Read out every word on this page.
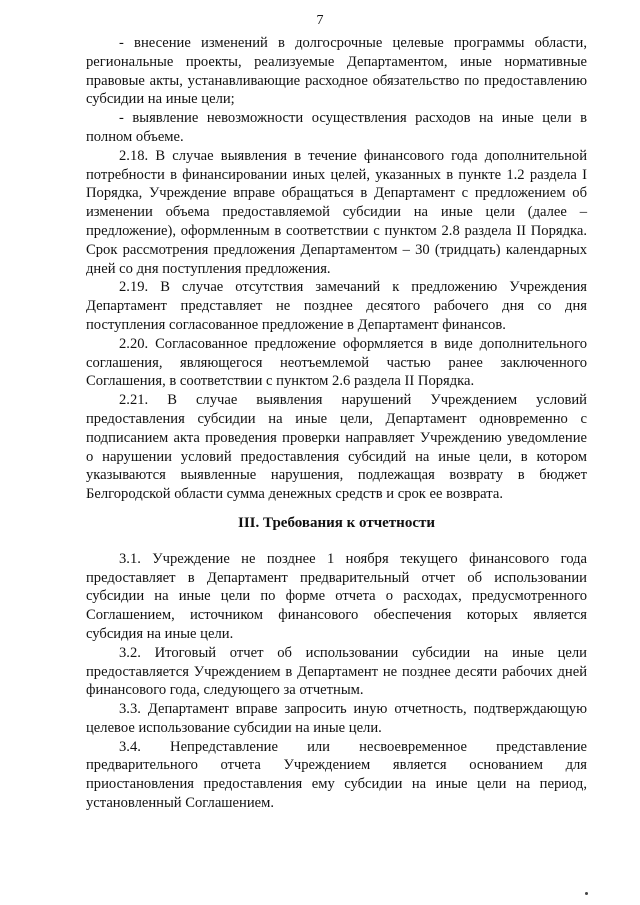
7

- внесение изменений в долгосрочные целевые программы области, региональные проекты, реализуемые Департаментом, иные нормативные правовые акты, устанавливающие расходное обязательство по предоставлению субсидии на иные цели;

- выявление невозможности осуществления расходов на иные цели в полном объеме.

2.18. В случае выявления в течение финансового года дополнительной потребности в финансировании иных целей, указанных в пункте 1.2 раздела I Порядка, Учреждение вправе обращаться в Департамент с предложением об изменении объема предоставляемой субсидии на иные цели (далее – предложение), оформленным в соответствии с пунктом 2.8 раздела II Порядка. Срок рассмотрения предложения Департаментом – 30 (тридцать) календарных дней со дня поступления предложения.

2.19. В случае отсутствия замечаний к предложению Учреждения Департамент представляет не позднее десятого рабочего дня со дня поступления согласованное предложение в Департамент финансов.

2.20. Согласованное предложение оформляется в виде дополнительного соглашения, являющегося неотъемлемой частью ранее заключенного Соглашения, в соответствии с пунктом 2.6 раздела II Порядка.

2.21. В случае выявления нарушений Учреждением условий предоставления субсидии на иные цели, Департамент одновременно с подписанием акта проведения проверки направляет Учреждению уведомление о нарушении условий предоставления субсидий на иные цели, в котором указываются выявленные нарушения, подлежащая возврату в бюджет Белгородской области сумма денежных средств и срок ее возврата.

III. Требования к отчетности

3.1. Учреждение не позднее 1 ноября текущего финансового года предоставляет в Департамент предварительный отчет об использовании субсидии на иные цели по форме отчета о расходах, предусмотренного Соглашением, источником финансового обеспечения которых является субсидия на иные цели.

3.2. Итоговый отчет об использовании субсидии на иные цели предоставляется Учреждением в Департамент не позднее десяти рабочих дней финансового года, следующего за отчетным.

3.3. Департамент вправе запросить иную отчетность, подтверждающую целевое использование субсидии на иные цели.

3.4. Непредставление или несвоевременное представление предварительного отчета Учреждением является основанием для приостановления предоставления ему субсидии на иные цели на период, установленный Соглашением.
